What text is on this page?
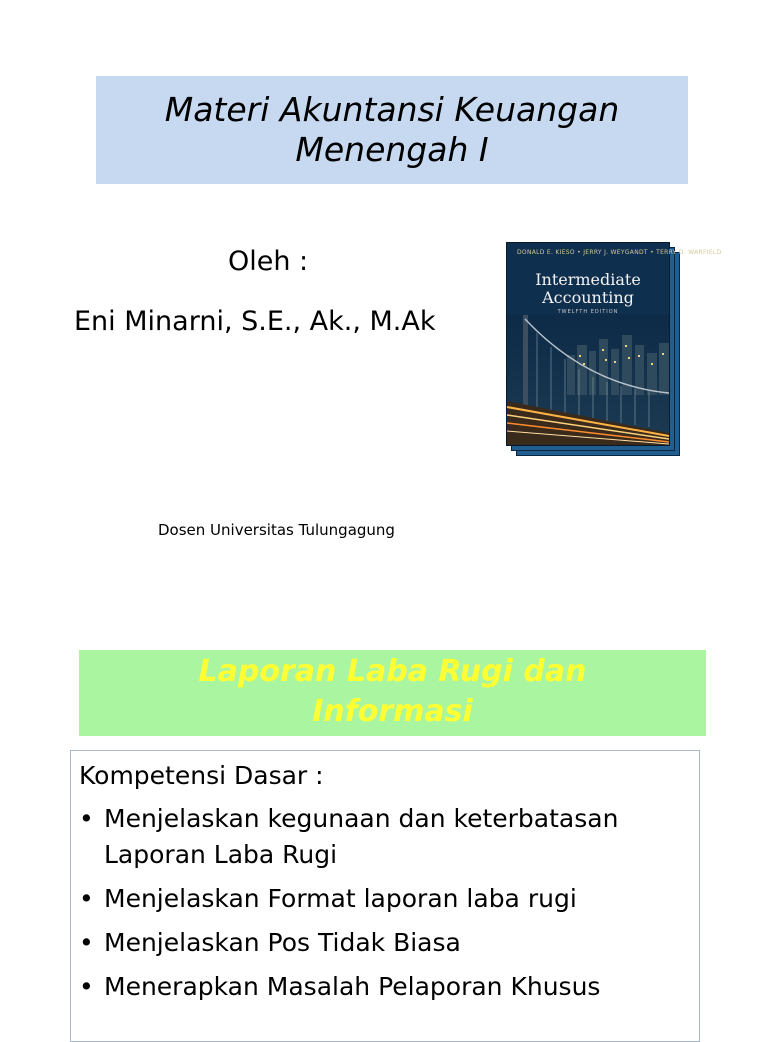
Materi Akuntansi Keuangan
Menengah I
Oleh :
Eni Minarni, S.E., Ak., M.Ak
Dosen Universitas Tulungagung
DONALD E. KIESO • JERRY J. WEYGANDT • TERRY D. WARFIELD
Intermediate
Accounting
TWELFTH EDITION
Laporan Laba Rugi dan
Informasi
Kompetensi Dasar :
• Menjelaskan kegunaan dan keterbatasan Laporan Laba Rugi
• Menjelaskan Format laporan laba rugi
• Menjelaskan Pos Tidak Biasa
• Menerapkan Masalah Pelaporan Khusus
